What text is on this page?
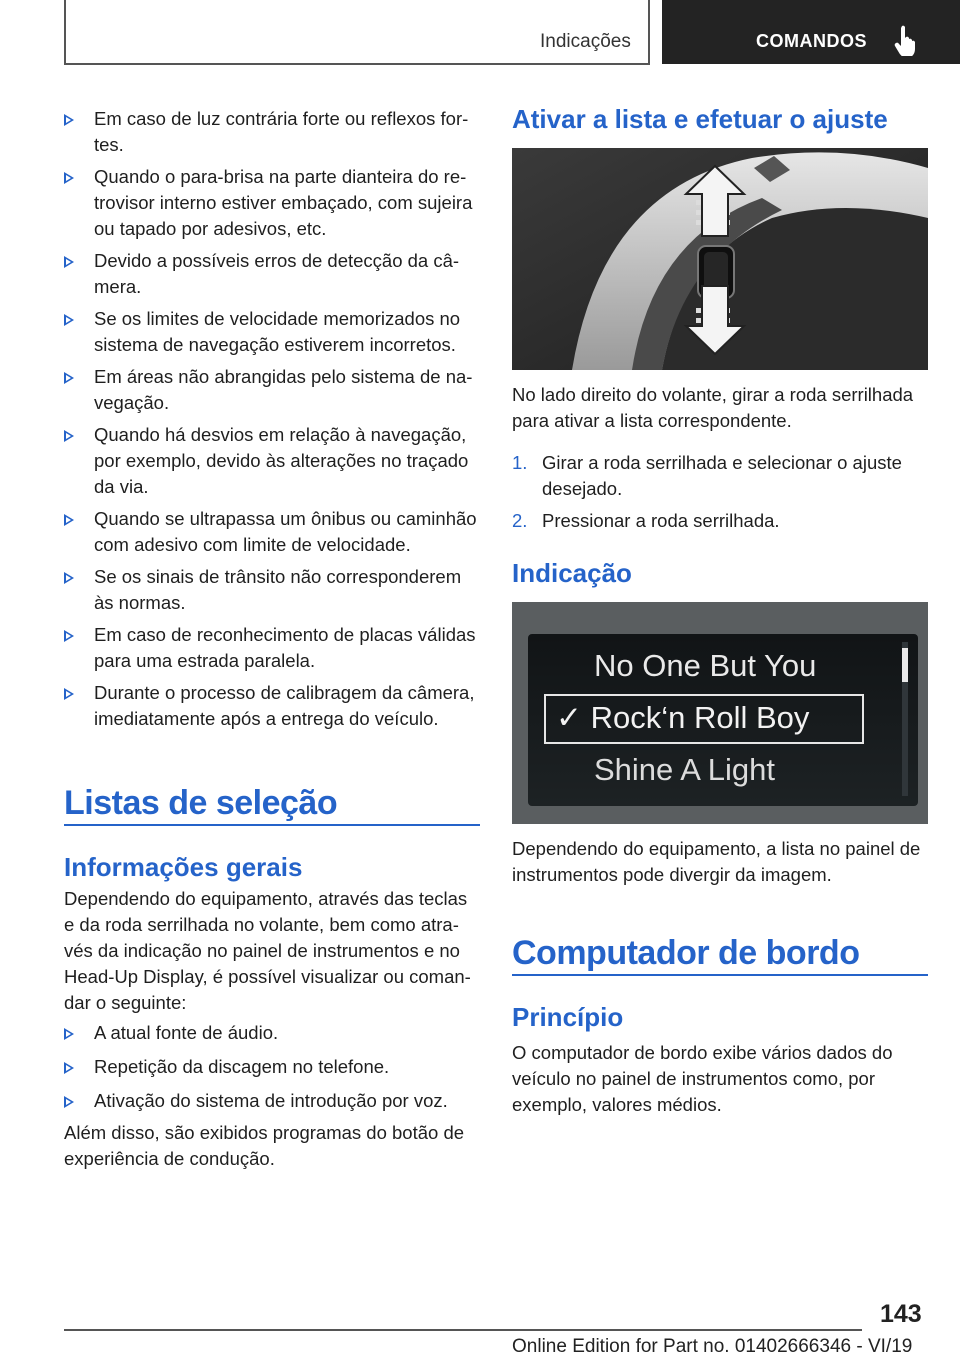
Indicações	COMANDOS
Em caso de luz contrária forte ou reflexos fortes.
Quando o para-brisa na parte dianteira do retrovisor interno estiver embaçado, com sujeira ou tapado por adesivos, etc.
Devido a possíveis erros de detecção da câmera.
Se os limites de velocidade memorizados no sistema de navegação estiverem incorretos.
Em áreas não abrangidas pelo sistema de navegação.
Quando há desvios em relação à navegação, por exemplo, devido às alterações no traçado da via.
Quando se ultrapassa um ônibus ou caminhão com adesivo com limite de velocidade.
Se os sinais de trânsito não corresponderem às normas.
Em caso de reconhecimento de placas válidas para uma estrada paralela.
Durante o processo de calibragem da câmera, imediatamente após a entrega do veículo.
Listas de seleção
Informações gerais
Dependendo do equipamento, através das teclas e da roda serrilhada no volante, bem como através da indicação no painel de instrumentos e no Head-Up Display, é possível visualizar ou comandar o seguinte:
A atual fonte de áudio.
Repetição da discagem no telefone.
Ativação do sistema de introdução por voz.
Além disso, são exibidos programas do botão de experiência de condução.
Ativar a lista e efetuar o ajuste
No lado direito do volante, girar a roda serrilhada para ativar a lista correspondente.
1. Girar a roda serrilhada e selecionar o ajuste desejado.
2. Pressionar a roda serrilhada.
Indicação
No One But You
✓ Rock‘n Roll Boy
Shine A Light
Dependendo do equipamento, a lista no painel de instrumentos pode divergir da imagem.
Computador de bordo
Princípio
O computador de bordo exibe vários dados do veículo no painel de instrumentos como, por exemplo, valores médios.
143
Online Edition for Part no. 01402666346 - VI/19
